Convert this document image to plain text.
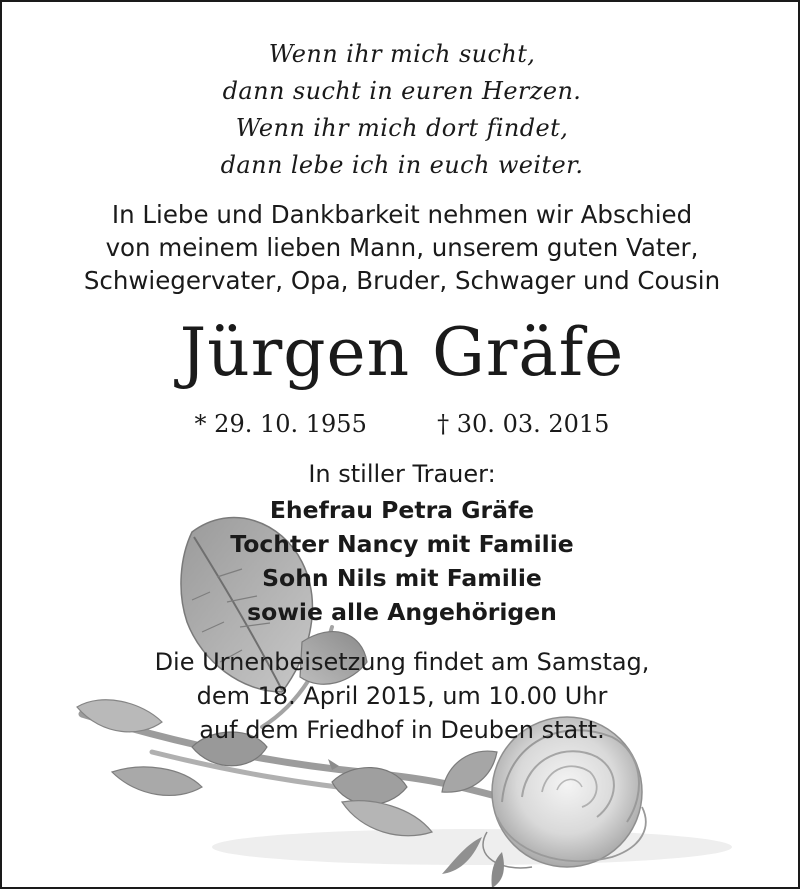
Wenn ihr mich sucht,
dann sucht in euren Herzen.
Wenn ihr mich dort findet,
dann lebe ich in euch weiter.
In Liebe und Dankbarkeit nehmen wir Abschied
von meinem lieben Mann, unserem guten Vater,
Schwiegervater, Opa, Bruder, Schwager und Cousin
Jürgen Gräfe
* 29. 10. 1955	† 30. 03. 2015
In stiller Trauer:
Ehefrau Petra Gräfe
Tochter Nancy mit Familie
Sohn Nils mit Familie
sowie alle Angehörigen
Die Urnenbeisetzung findet am Samstag,
dem 18. April 2015, um 10.00 Uhr
auf dem Friedhof in Deuben statt.
